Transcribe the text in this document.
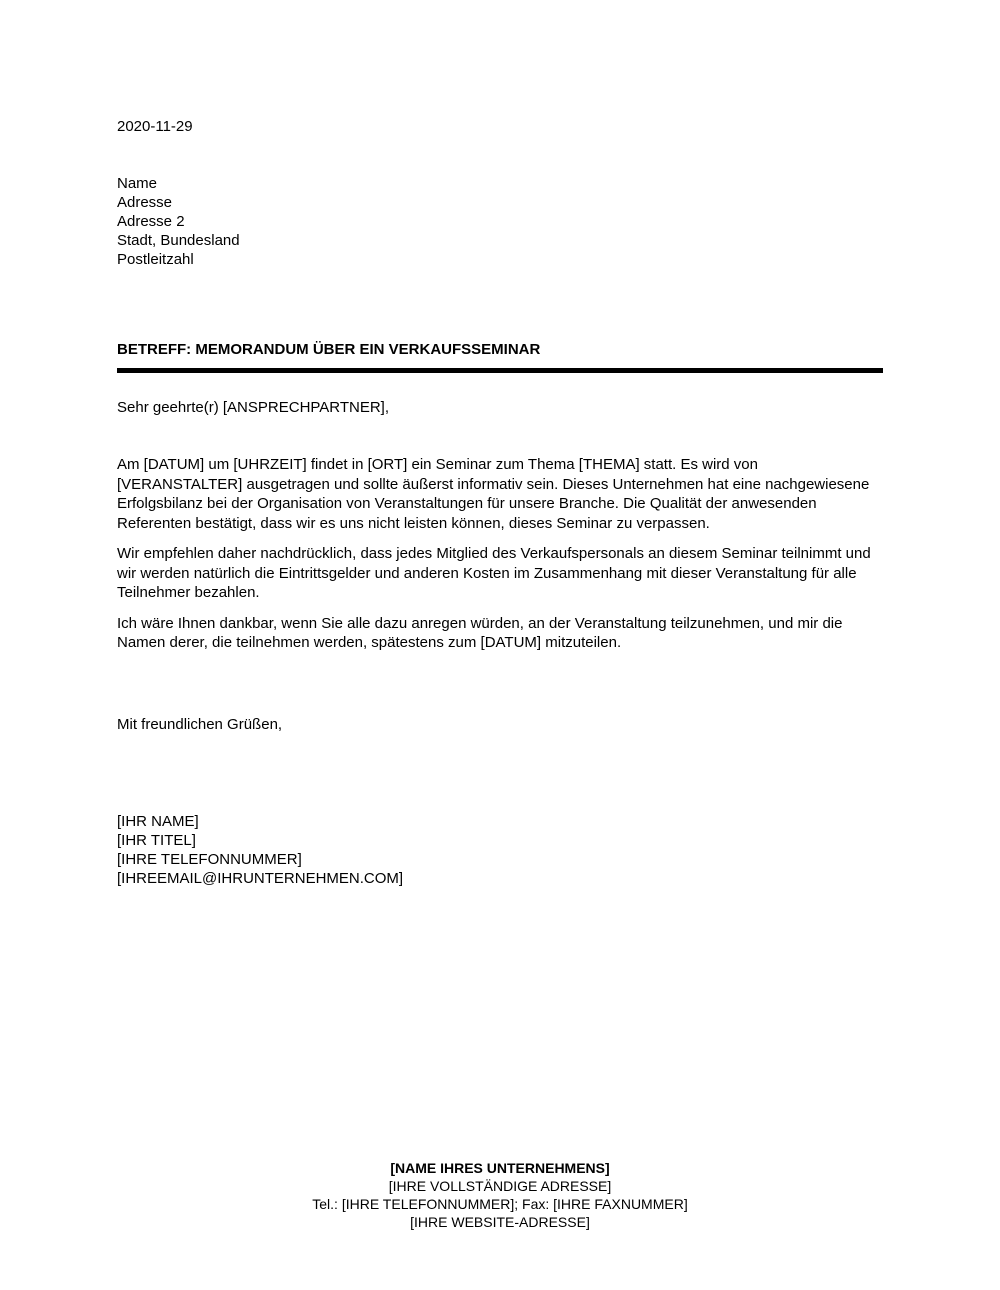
2020-11-29
Name
Adresse
Adresse 2
Stadt, Bundesland
Postleitzahl
BETREFF: MEMORANDUM ÜBER EIN VERKAUFSSEMINAR
Sehr geehrte(r) [ANSPRECHPARTNER],

Am [DATUM] um [UHRZEIT] findet in [ORT] ein Seminar zum Thema [THEMA] statt. Es wird von [VERANSTALTER] ausgetragen und sollte äußerst informativ sein. Dieses Unternehmen hat eine nachgewiesene Erfolgsbilanz bei der Organisation von Veranstaltungen für unsere Branche. Die Qualität der anwesenden Referenten bestätigt, dass wir es uns nicht leisten können, dieses Seminar zu verpassen.

Wir empfehlen daher nachdrücklich, dass jedes Mitglied des Verkaufspersonals an diesem Seminar teilnimmt und wir werden natürlich die Eintrittsgelder und anderen Kosten im Zusammenhang mit dieser Veranstaltung für alle Teilnehmer bezahlen.

Ich wäre Ihnen dankbar, wenn Sie alle dazu anregen würden, an der Veranstaltung teilzunehmen, und mir die Namen derer, die teilnehmen werden, spätestens zum [DATUM] mitzuteilen.

Mit freundlichen Grüßen,
[IHR NAME]
[IHR TITEL]
[IHRE TELEFONNUMMER]
[IHREEMAIL@IHRUNTERNEHMEN.COM]
[NAME IHRES UNTERNEHMENS]
[IHRE VOLLSTÄNDIGE ADRESSE]
Tel.: [IHRE TELEFONNUMMER]; Fax: [IHRE FAXNUMMER]
[IHRE WEBSITE-ADRESSE]
